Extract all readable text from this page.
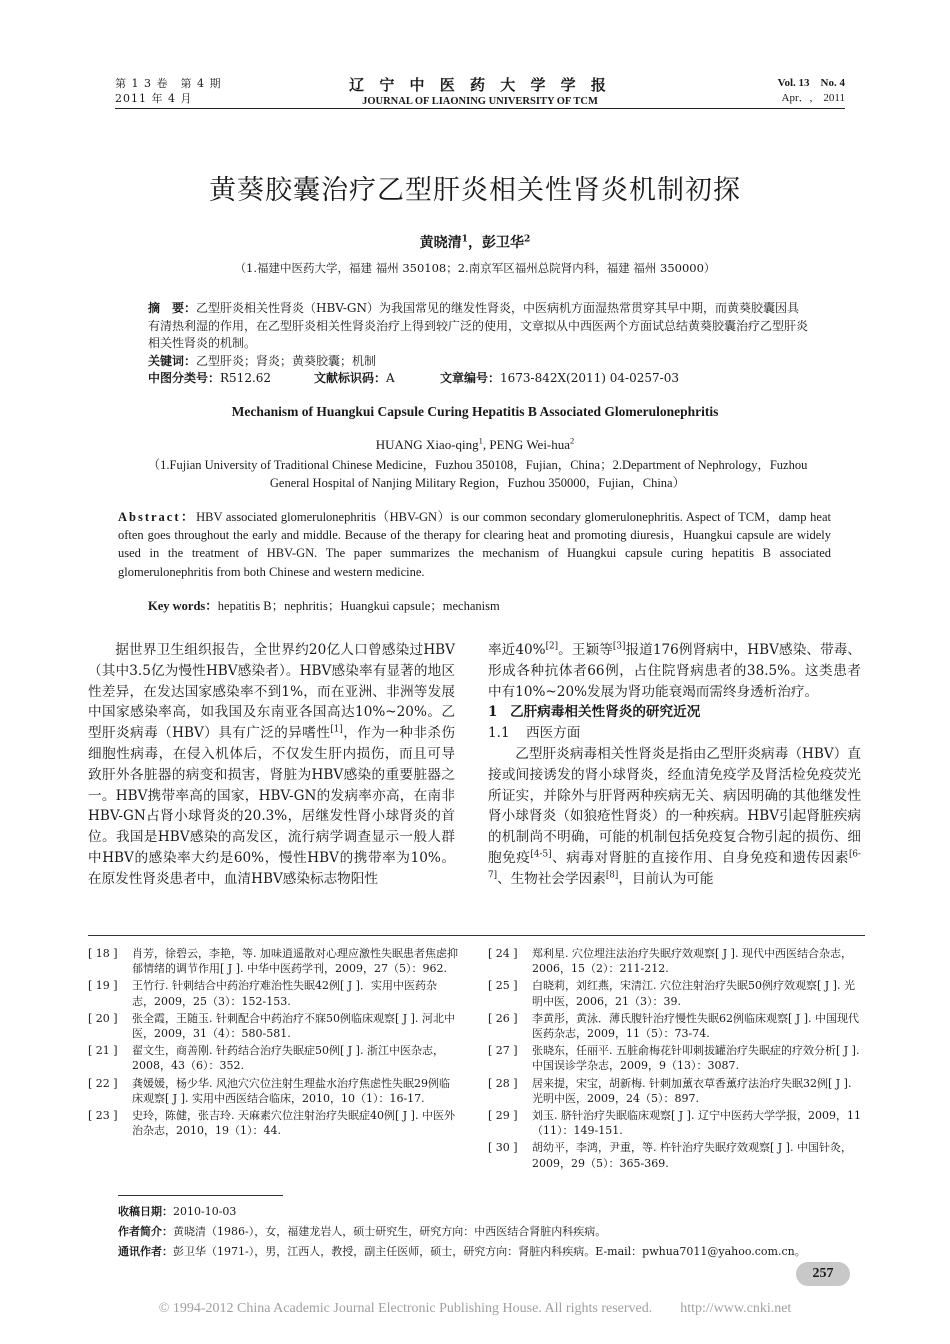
第 1 3 卷　第 4 期
2011 年 4 月
辽 宁 中 医 药 大 学 学 报
JOURNAL OF LIAONING UNIVERSITY OF TCM
Vol. 13　No. 4
Apr．,　2011
黄葵胶囊治疗乙型肝炎相关性肾炎机制初探
黄晓清$^1$，彭卫华$^2$
（1.福建中医药大学，福建 福州 350108；2.南京军区福州总院肾内科，福建 福州 350000）
摘　要：乙型肝炎相关性肾炎（HBV-GN）为我国常见的继发性肾炎，中医病机方面湿热常贯穿其早中期，而黄葵胶囊因具有清热利湿的作用，在乙型肝炎相关性肾炎治疗上得到较广泛的使用，文章拟从中西医两个方面试总结黄葵胶囊治疗乙型肝炎相关性肾炎的机制。
关键词：乙型肝炎；肾炎；黄葵胶囊；机制
中图分类号：R512.62	文献标识码：A	文章编号：1673-842X(2011) 04-0257-03
Mechanism of Huangkui Capsule Curing Hepatitis B Associated Glomerulonephritis
HUANG Xiao-qing$^1$, PENG Wei-hua$^2$
（1.Fujian University of Traditional Chinese Medicine，Fuzhou 350108，Fujian，China；2.Department of Nephrology，Fuzhou General Hospital of Nanjing Military Region，Fuzhou 350000，Fujian，China）
Abstract：HBV associated glomerulonephritis（HBV-GN）is our common secondary glomerulonephritis. Aspect of TCM，damp heat often goes throughout the early and middle. Because of the therapy for clearing heat and promoting diuresis，Huangkui capsule are widely used in the treatment of HBV-GN. The paper summarizes the mechanism of Huangkui capsule curing hepatitis B associated glomerulonephritis from both Chinese and western medicine.
Key words：hepatitis B；nephritis；Huangkui capsule；mechanism

据世界卫生组织报告，全世界约20亿人口曾感染过HBV（其中3.5亿为慢性HBV感染者）。HBV感染率有显著的地区性差异，在发达国家感染率不到1%，而在亚洲、非洲等发展中国家感染率高，如我国及东南亚各国高达10%~20%。乙型肝炎病毒（HBV）具有广泛的异嗜性[1]，作为一种非杀伤细胞性病毒，在侵入机体后，不仅发生肝内损伤，而且可导致肝外各脏器的病变和损害，肾脏为HBV感染的重要脏器之一。HBV携带率高的国家，HBV-GN的发病率亦高，在南非HBV-GN占肾小球肾炎的20.3%，居继发性肾小球肾炎的首位。我国是HBV感染的高发区，流行病学调查显示一般人群中HBV的感染率大约是60%，慢性HBV的携带率为10%。在原发性肾炎患者中，血清HBV感染标志物阳性

率近40%[2]。王颖等[3]报道176例肾病中，HBV感染、带毒、形成各种抗体者66例，占住院肾病患者的38.5%。这类患者中有10%~20%发展为肾功能衰竭而需终身透析治疗。

1 乙肝病毒相关性肾炎的研究近况
1.1 西医方面

乙型肝炎病毒相关性肾炎是指由乙型肝炎病毒（HBV）直接或间接诱发的肾小球肾炎，经血清免疫学及肾活检免疫荧光所证实，并除外与肝肾两种疾病无关、病因明确的其他继发性肾小球肾炎（如狼疮性肾炎）的一种疾病。HBV引起肾脏疾病的机制尚不明确，可能的机制包括免疫复合物引起的损伤、细胞免疫[4-5]、病毒对肾脏的直接作用、自身免疫和遗传因素[6-7]、生物社会学因素[8]，目前认为可能

[ 18 ]	肖芳，徐碧云，李艳，等. 加味逍遥散对心理应激性失眠患者焦虑抑郁情绪的调节作用[ J ]. 中华中医药学刊，2009，27（5）：962.
[ 19 ]	王竹行. 针刺结合中药治疗难治性失眠42例[ J ]．实用中医药杂志，2009，25（3）：152-153.
[ 20 ]	张全霞，王随玉. 针刺配合中药治疗不寐50例临床观察[ J ]. 河北中医，2009，31（4）：580-581.
[ 21 ]	翟文生，商善刚. 针药结合治疗失眠症50例[ J ]. 浙江中医杂志，2008，43（6）：352.
[ 22 ]	龚媛媛，杨少华. 风池穴穴位注射生理盐水治疗焦虑性失眠29例临床观察[ J ]. 实用中西医结合临床，2010，10（1）：16-17.
[ 23 ]	史玲，陈健，张吉玲. 天麻素穴位注射治疗失眠症40例[ J ]. 中医外治杂志，2010，19（1）：44.
[ 24 ]	郑利星. 穴位埋注法治疗失眠疗效观察[ J ]. 现代中西医结合杂志，2006，15（2）：211-212.
[ 25 ]	白晓莉，刘红燕，宋清江. 穴位注射治疗失眠50例疗效观察[ J ]. 光明中医，2006，21（3）：39.
[ 26 ]	李黄彤，黄泳．薄氏腹针治疗慢性失眠62例临床观察[ J ]. 中国现代医药杂志，2009，11（5）：73-74.
[ 27 ]	张晓东，任丽平. 五脏俞梅花针叩刺拔罐治疗失眠症的疗效分析[ J ]. 中国误诊学杂志，2009，9（13）：3087.
[ 28 ]	居来提，宋宝，胡新梅. 针刺加薰衣草香薰疗法治疗失眠32例[ J ]. 光明中医，2009，24（5）：897.
[ 29 ]	刘玉. 脐针治疗失眠临床观察[ J ]. 辽宁中医药大学学报，2009，11（11）：149-151.
[ 30 ]	胡幼平，李鸿，尹重，等. 杵针治疗失眠疗效观察[ J ]. 中国针灸，2009，29（5）：365-369.
收稿日期：2010-10-03
作者简介：黄晓清（1986-），女，福建龙岩人，硕士研究生，研究方向：中西医结合肾脏内科疾病。
通讯作者：彭卫华（1971-），男，江西人，教授，副主任医师，硕士，研究方向：肾脏内科疾病。E-mail：pwhua7011@yahoo.com.cn。
257
© 1994-2012 China Academic Journal Electronic Publishing House. All rights reserved.　　http://www.cnki.net
